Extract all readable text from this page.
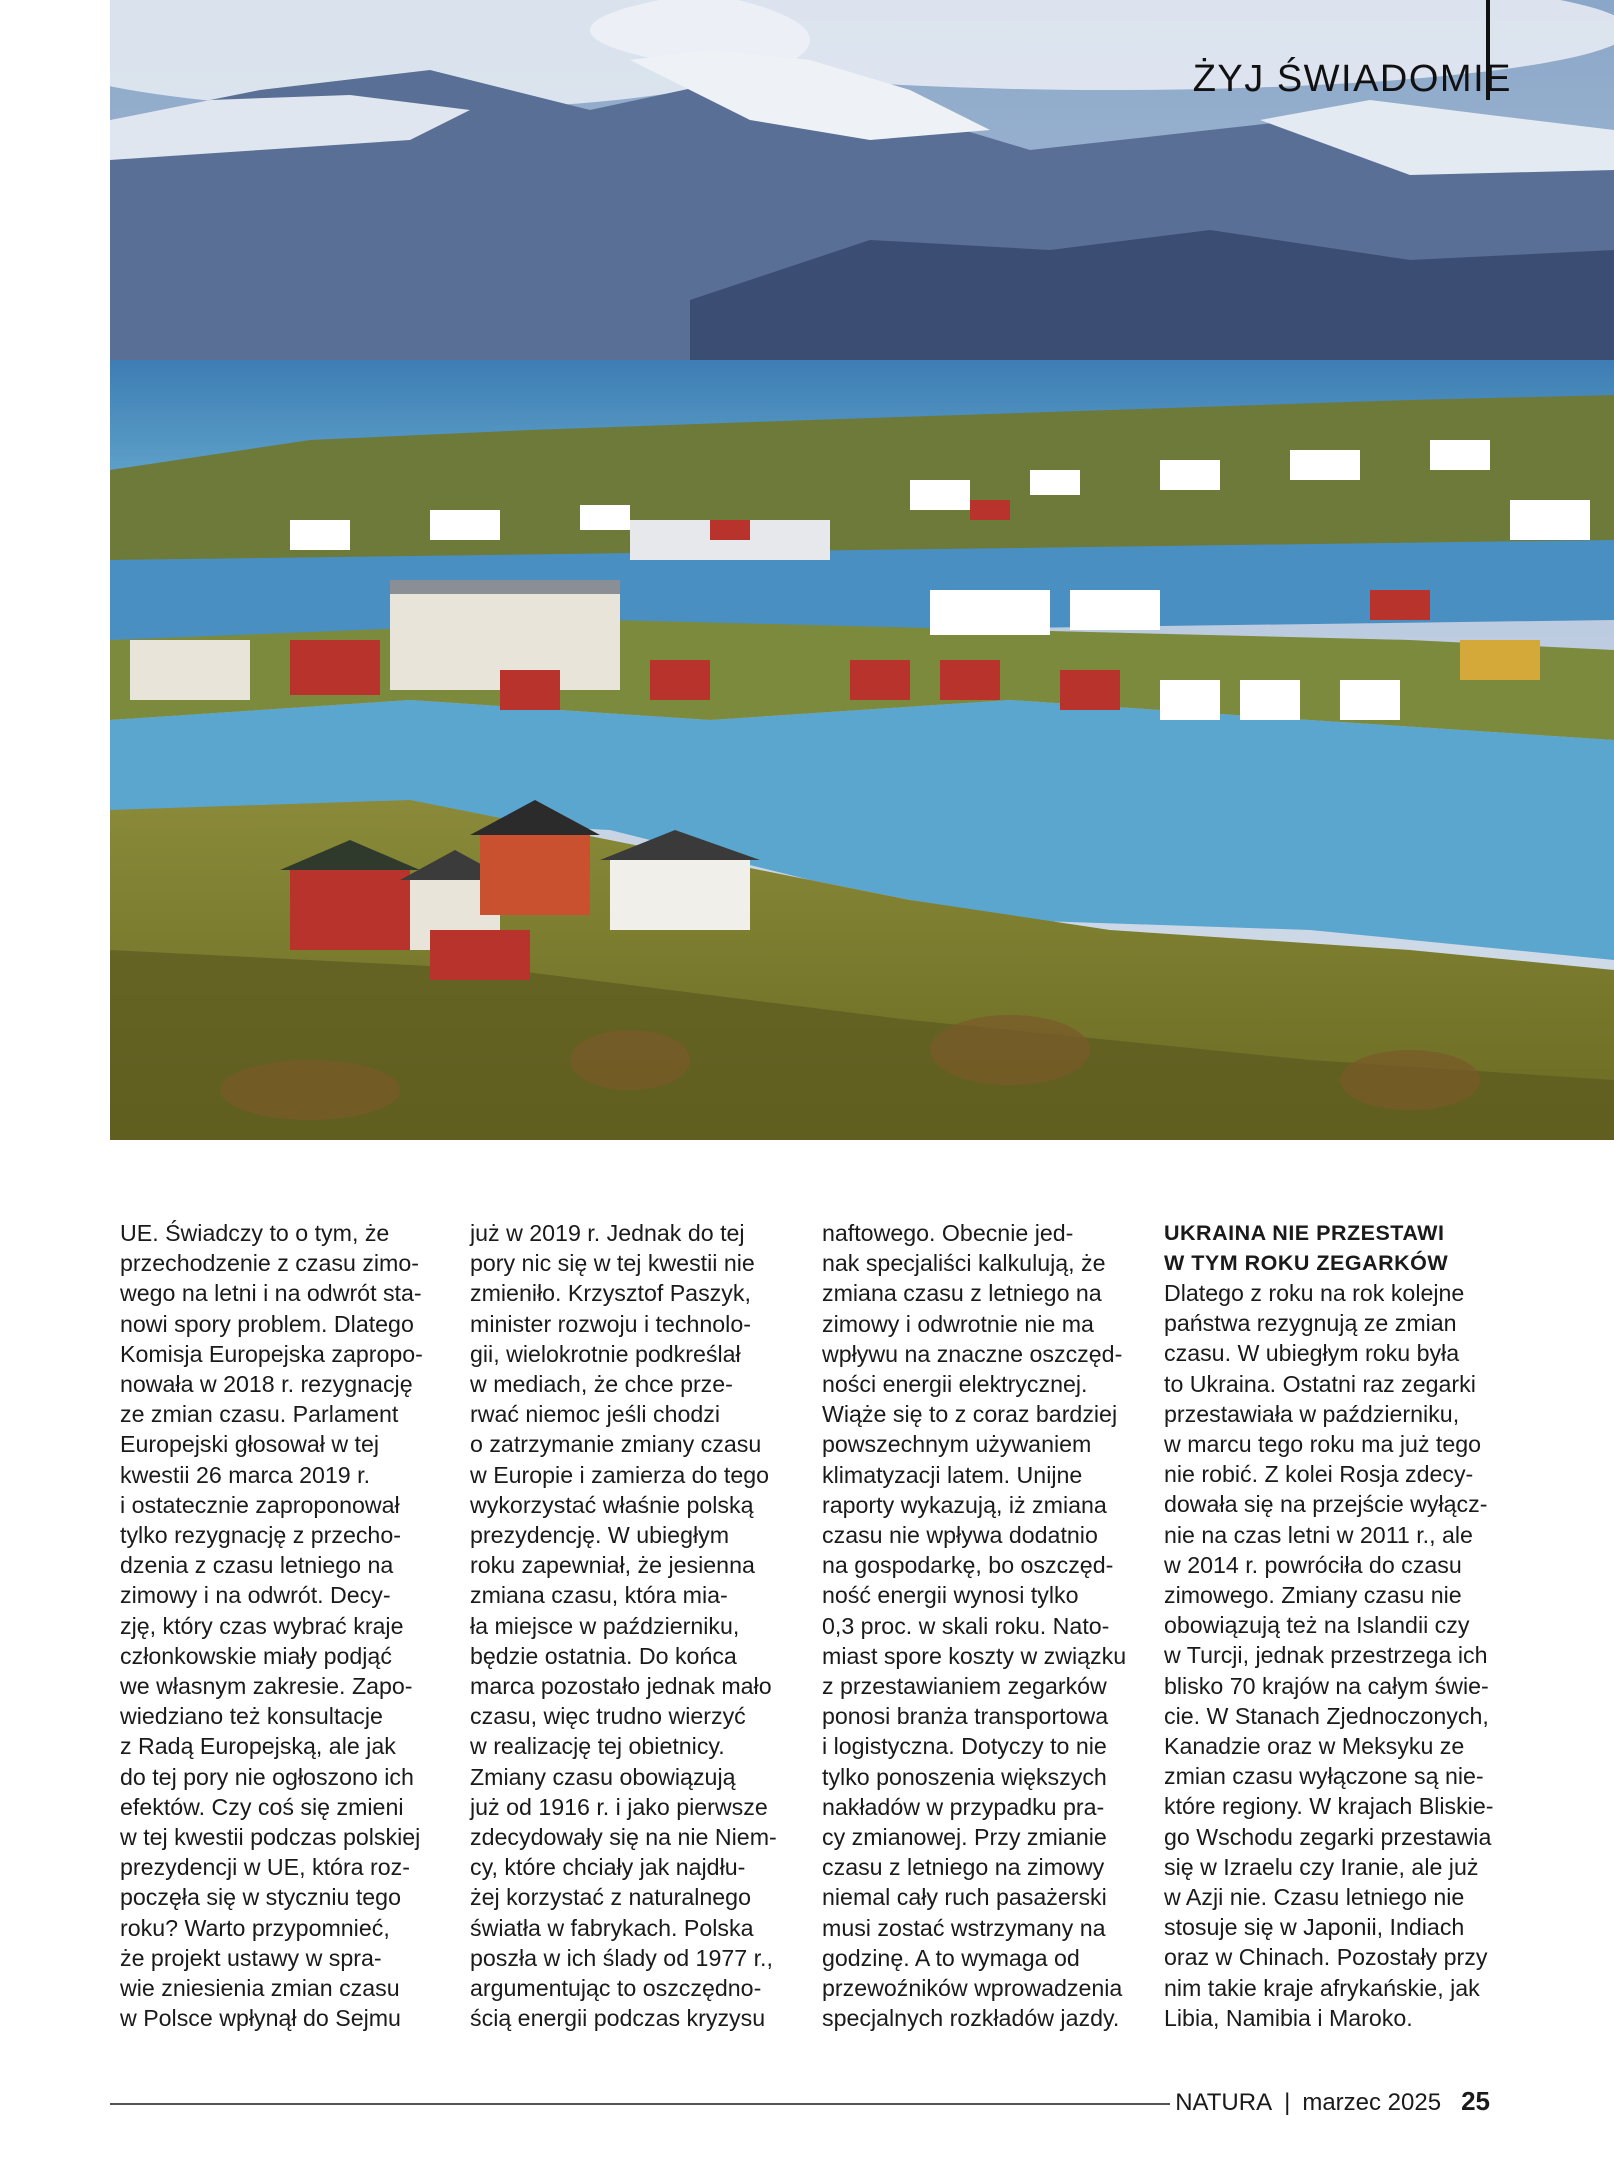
ŻYJ ŚWIADOMIE
UE. Świadczy to o tym, że
przechodzenie z czasu zimo-
wego na letni i na odwrót sta-
nowi spory problem. Dlatego
Komisja Europejska zapropo-
nowała w 2018 r. rezygnację
ze zmian czasu. Parlament
Europejski głosował w tej
kwestii 26 marca 2019 r.
i ostatecznie zaproponował
tylko rezygnację z przecho-
dzenia z czasu letniego na
zimowy i na odwrót. Decy-
zję, który czas wybrać kraje
członkowskie miały podjąć
we własnym zakresie. Zapo-
wiedziano też konsultacje
z Radą Europejską, ale jak
do tej pory nie ogłoszono ich
efektów. Czy coś się zmieni
w tej kwestii podczas polskiej
prezydencji w UE, która roz-
poczęła się w styczniu tego
roku? Warto przypomnieć,
że projekt ustawy w spra-
wie zniesienia zmian czasu
w Polsce wpłynął do Sejmu
już w 2019 r. Jednak do tej
pory nic się w tej kwestii nie
zmieniło. Krzysztof Paszyk,
minister rozwoju i technolo-
gii, wielokrotnie podkreślał
w mediach, że chce prze-
rwać niemoc jeśli chodzi
o zatrzymanie zmiany czasu
w Europie i zamierza do tego
wykorzystać właśnie polską
prezydencję. W ubiegłym
roku zapewniał, że jesienna
zmiana czasu, która mia-
ła miejsce w październiku,
będzie ostatnia. Do końca
marca pozostało jednak mało
czasu, więc trudno wierzyć
w realizację tej obietnicy.
Zmiany czasu obowiązują
już od 1916 r. i jako pierwsze
zdecydowały się na nie Niem-
cy, które chciały jak najdłu-
żej korzystać z naturalnego
światła w fabrykach. Polska
poszła w ich ślady od 1977 r.,
argumentując to oszczędno-
ścią energii podczas kryzysu
naftowego. Obecnie jed-
nak specjaliści kalkulują, że
zmiana czasu z letniego na
zimowy i odwrotnie nie ma
wpływu na znaczne oszczęd-
ności energii elektrycznej.
Wiąże się to z coraz bardziej
powszechnym używaniem
klimatyzacji latem. Unijne
raporty wykazują, iż zmiana
czasu nie wpływa dodatnio
na gospodarkę, bo oszczęd-
ność energii wynosi tylko
0,3 proc. w skali roku. Nato-
miast spore koszty w związku
z przestawianiem zegarków
ponosi branża transportowa
i logistyczna. Dotyczy to nie
tylko ponoszenia większych
nakładów w przypadku pra-
cy zmianowej. Przy zmianie
czasu z letniego na zimowy
niemal cały ruch pasażerski
musi zostać wstrzymany na
godzinę. A to wymaga od
przewoźników wprowadzenia
specjalnych rozkładów jazdy.
UKRAINA NIE PRZESTAWI
W TYM ROKU ZEGARKÓW
Dlatego z roku na rok kolejne
państwa rezygnują ze zmian
czasu. W ubiegłym roku była
to Ukraina. Ostatni raz zegarki
przestawiała w październiku,
w marcu tego roku ma już tego
nie robić. Z kolei Rosja zdecy-
dowała się na przejście wyłącz-
nie na czas letni w 2011 r., ale
w 2014 r. powróciła do czasu
zimowego. Zmiany czasu nie
obowiązują też na Islandii czy
w Turcji, jednak przestrzega ich
blisko 70 krajów na całym świe-
cie. W Stanach Zjednoczonych,
Kanadzie oraz w Meksyku ze
zmian czasu wyłączone są nie-
które regiony. W krajach Bliskie-
go Wschodu zegarki przestawia
się w Izraelu czy Iranie, ale już
w Azji nie. Czasu letniego nie
stosuje się w Japonii, Indiach
oraz w Chinach. Pozostały przy
nim takie kraje afrykańskie, jak
Libia, Namibia i Maroko.
NATURA | marzec 2025 25
